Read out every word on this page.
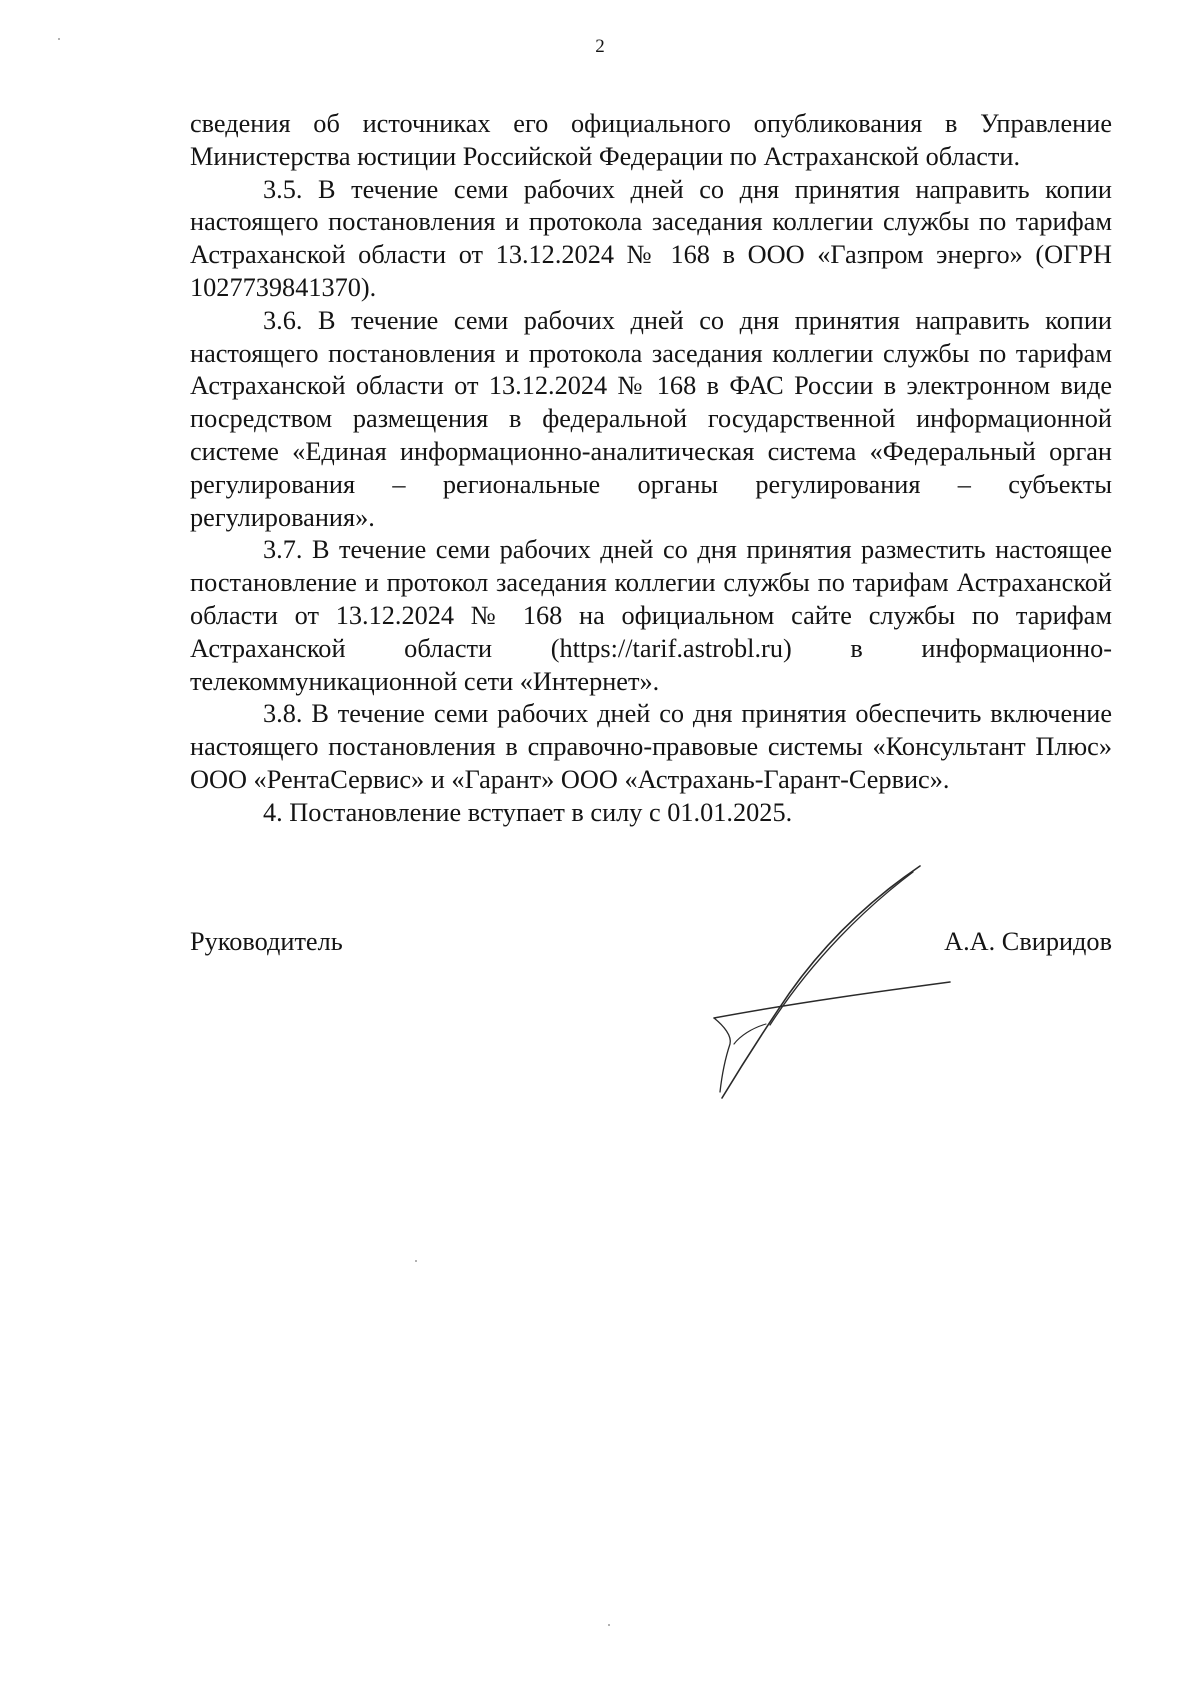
2

сведения об источниках его официального опубликования в Управление Министерства юстиции Российской Федерации по Астраханской области.

3.5. В течение семи рабочих дней со дня принятия направить копии настоящего постановления и протокола заседания коллегии службы по тарифам Астраханской области от 13.12.2024 № 168 в ООО «Газпром энерго» (ОГРН 1027739841370).

3.6. В течение семи рабочих дней со дня принятия направить копии настоящего постановления и протокола заседания коллегии службы по тарифам Астраханской области от 13.12.2024 № 168 в ФАС России в электронном виде посредством размещения в федеральной государственной информационной системе «Единая информационно-аналитическая система «Федеральный орган регулирования – региональные органы регулирования – субъекты регулирования».

3.7. В течение семи рабочих дней со дня принятия разместить настоящее постановление и протокол заседания коллегии службы по тарифам Астраханской области от 13.12.2024 № 168 на официальном сайте службы по тарифам Астраханской области (https://tarif.astrobl.ru) в информационно-телекоммуникационной сети «Интернет».

3.8. В течение семи рабочих дней со дня принятия обеспечить включение настоящего постановления в справочно-правовые системы «Консультант Плюс» ООО «РентаСервис» и «Гарант» ООО «Астрахань-Гарант-Сервис».

4. Постановление вступает в силу с 01.01.2025.

Руководитель	А.А. Свиридов
